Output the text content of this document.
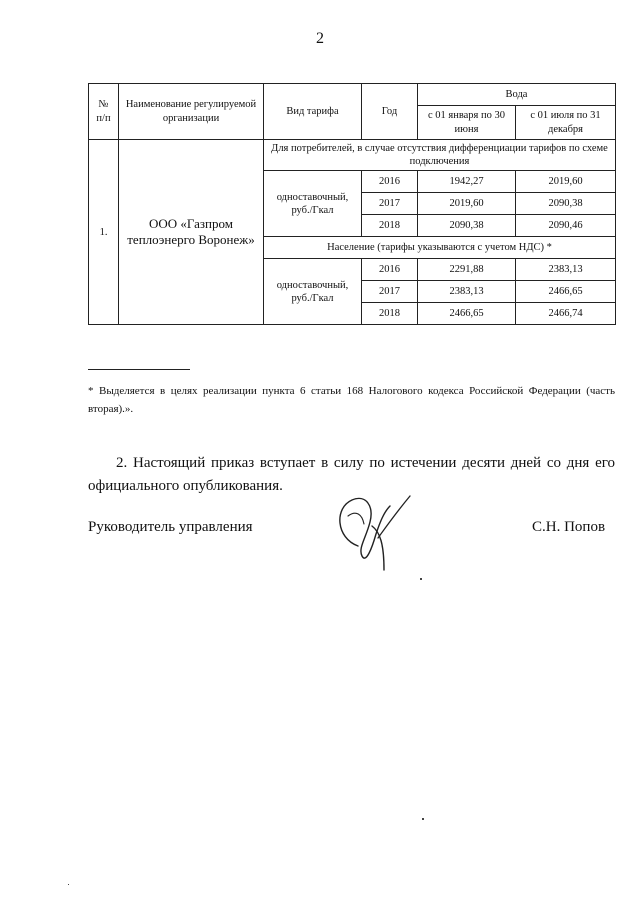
2
№ п/п	Наименование регулируемой организации	Вид тарифа	Год	Вода	
				с 01 января по 30 июня	с 01 июля по 31 декабря
1.	ООО «Газпром теплоэнерго Воронеж»	Для потребителей, в случае отсутствия дифференциации тарифов по схеме подключения			
		одноставочный, руб./Гкал	2016	1942,27	2019,60
			2017	2019,60	2090,38
			2018	2090,38	2090,46
		Население (тарифы указываются с учетом НДС) *			
		одноставочный, руб./Гкал	2016	2291,88	2383,13
			2017	2383,13	2466,65
			2018	2466,65	2466,74
* Выделяется в целях реализации пункта 6 статьи 168 Налогового кодекса Российской Федерации (часть вторая).».
2. Настоящий приказ вступает в силу по истечении десяти дней со дня его официального опубликования.
Руководитель управления	С.Н. Попов
